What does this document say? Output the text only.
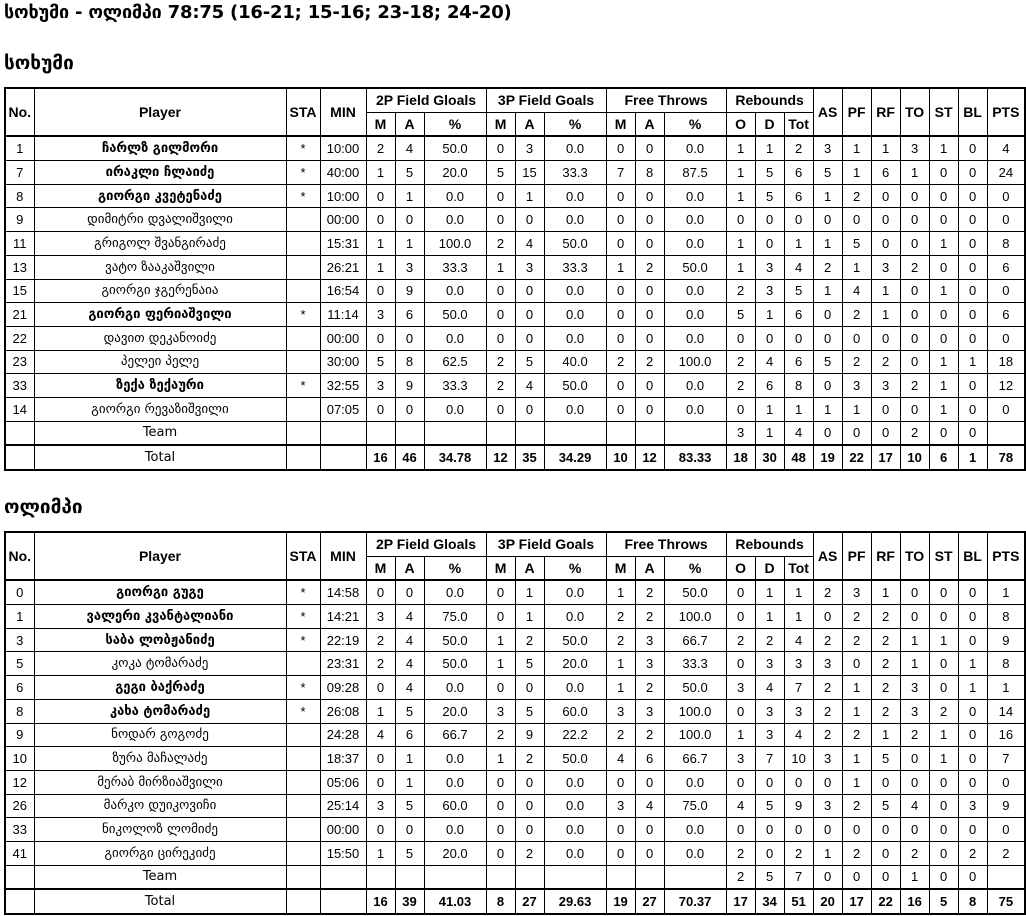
სოხუმი - ოლიმპი 78:75 (16-21; 15-16; 23-18; 24-20)
სოხუმი
No.	Player	STA	MIN	2P Field Gloals			3P Field Goals			Free Throws			Rebounds			AS	PF	RF	TO	ST	BL	PTS
				M	A	%	M	A	%	M	A	%	O	D	Tot							
1	ჩარლზ გილმორი	*	10:00	2	4	50.0	0	3	0.0	0	0	0.0	1	1	2	3	1	1	3	1	0	4
7	ირაკლი ჩლაიძე	*	40:00	1	5	20.0	5	15	33.3	7	8	87.5	1	5	6	5	1	6	1	0	0	24
8	გიორგი კვეტენაძე	*	10:00	0	1	0.0	0	1	0.0	0	0	0.0	1	5	6	1	2	0	0	0	0	0
9	დიმიტრი დვალიშვილი		00:00	0	0	0.0	0	0	0.0	0	0	0.0	0	0	0	0	0	0	0	0	0	0
11	გრიგოლ შვანგირაძე		15:31	1	1	100.0	2	4	50.0	0	0	0.0	1	0	1	1	5	0	0	1	0	8
13	ვატო ზააკაშვილი		26:21	1	3	33.3	1	3	33.3	1	2	50.0	1	3	4	2	1	3	2	0	0	6
15	გიორგი ჯგერენაია		16:54	0	9	0.0	0	0	0.0	0	0	0.0	2	3	5	1	4	1	0	1	0	0
21	გიორგი ფერიაშვილი	*	11:14	3	6	50.0	0	0	0.0	0	0	0.0	5	1	6	0	2	1	0	0	0	6
22	დავით დეკანოიძე		00:00	0	0	0.0	0	0	0.0	0	0	0.0	0	0	0	0	0	0	0	0	0	0
23	პელეი პელე		30:00	5	8	62.5	2	5	40.0	2	2	100.0	2	4	6	5	2	2	0	1	1	18
33	ზექა ზექაური	*	32:55	3	9	33.3	2	4	50.0	0	0	0.0	2	6	8	0	3	3	2	1	0	12
14	გიორგი რევაზიშვილი		07:05	0	0	0.0	0	0	0.0	0	0	0.0	0	1	1	1	1	0	0	1	0	0
	Team												3	1	4	0	0	0	2	0	0	
	Total			16	46	34.78	12	35	34.29	10	12	83.33	18	30	48	19	22	17	10	6	1	78
ოლიმპი
No.	Player	STA	MIN	2P Field Gloals			3P Field Goals			Free Throws			Rebounds			AS	PF	RF	TO	ST	BL	PTS
				M	A	%	M	A	%	M	A	%	O	D	Tot							
0	გიორგი გუგე	*	14:58	0	0	0.0	0	1	0.0	1	2	50.0	0	1	1	2	3	1	0	0	0	1
1	ვალერი კვანტალიანი	*	14:21	3	4	75.0	0	1	0.0	2	2	100.0	0	1	1	0	2	2	0	0	0	8
3	საბა ლობჟანიძე	*	22:19	2	4	50.0	1	2	50.0	2	3	66.7	2	2	4	2	2	2	1	1	0	9
5	კოკა ტომარაძე		23:31	2	4	50.0	1	5	20.0	1	3	33.3	0	3	3	3	0	2	1	0	1	8
6	გეგი ბაქრაძე	*	09:28	0	4	0.0	0	0	0.0	1	2	50.0	3	4	7	2	1	2	3	0	1	1
8	კახა ტომარაძე	*	26:08	1	5	20.0	3	5	60.0	3	3	100.0	0	3	3	2	1	2	3	2	0	14
9	ნოდარ გოგოძე		24:28	4	6	66.7	2	9	22.2	2	2	100.0	1	3	4	2	2	1	2	1	0	16
10	ზურა მაჩალაძე		18:37	0	1	0.0	1	2	50.0	4	6	66.7	3	7	10	3	1	5	0	1	0	7
12	მერაბ მირზიაშვილი		05:06	0	1	0.0	0	0	0.0	0	0	0.0	0	0	0	0	1	0	0	0	0	0
26	მარკო დუიკოვიჩი		25:14	3	5	60.0	0	0	0.0	3	4	75.0	4	5	9	3	2	5	4	0	3	9
33	ნიკოლოზ ლომიძე		00:00	0	0	0.0	0	0	0.0	0	0	0.0	0	0	0	0	0	0	0	0	0	0
41	გიორგი ცირეკიძე		15:50	1	5	20.0	0	2	0.0	0	0	0.0	2	0	2	1	2	0	2	0	2	2
	Team												2	5	7	0	0	0	1	0	0	
	Total			16	39	41.03	8	27	29.63	19	27	70.37	17	34	51	20	17	22	16	5	8	75
